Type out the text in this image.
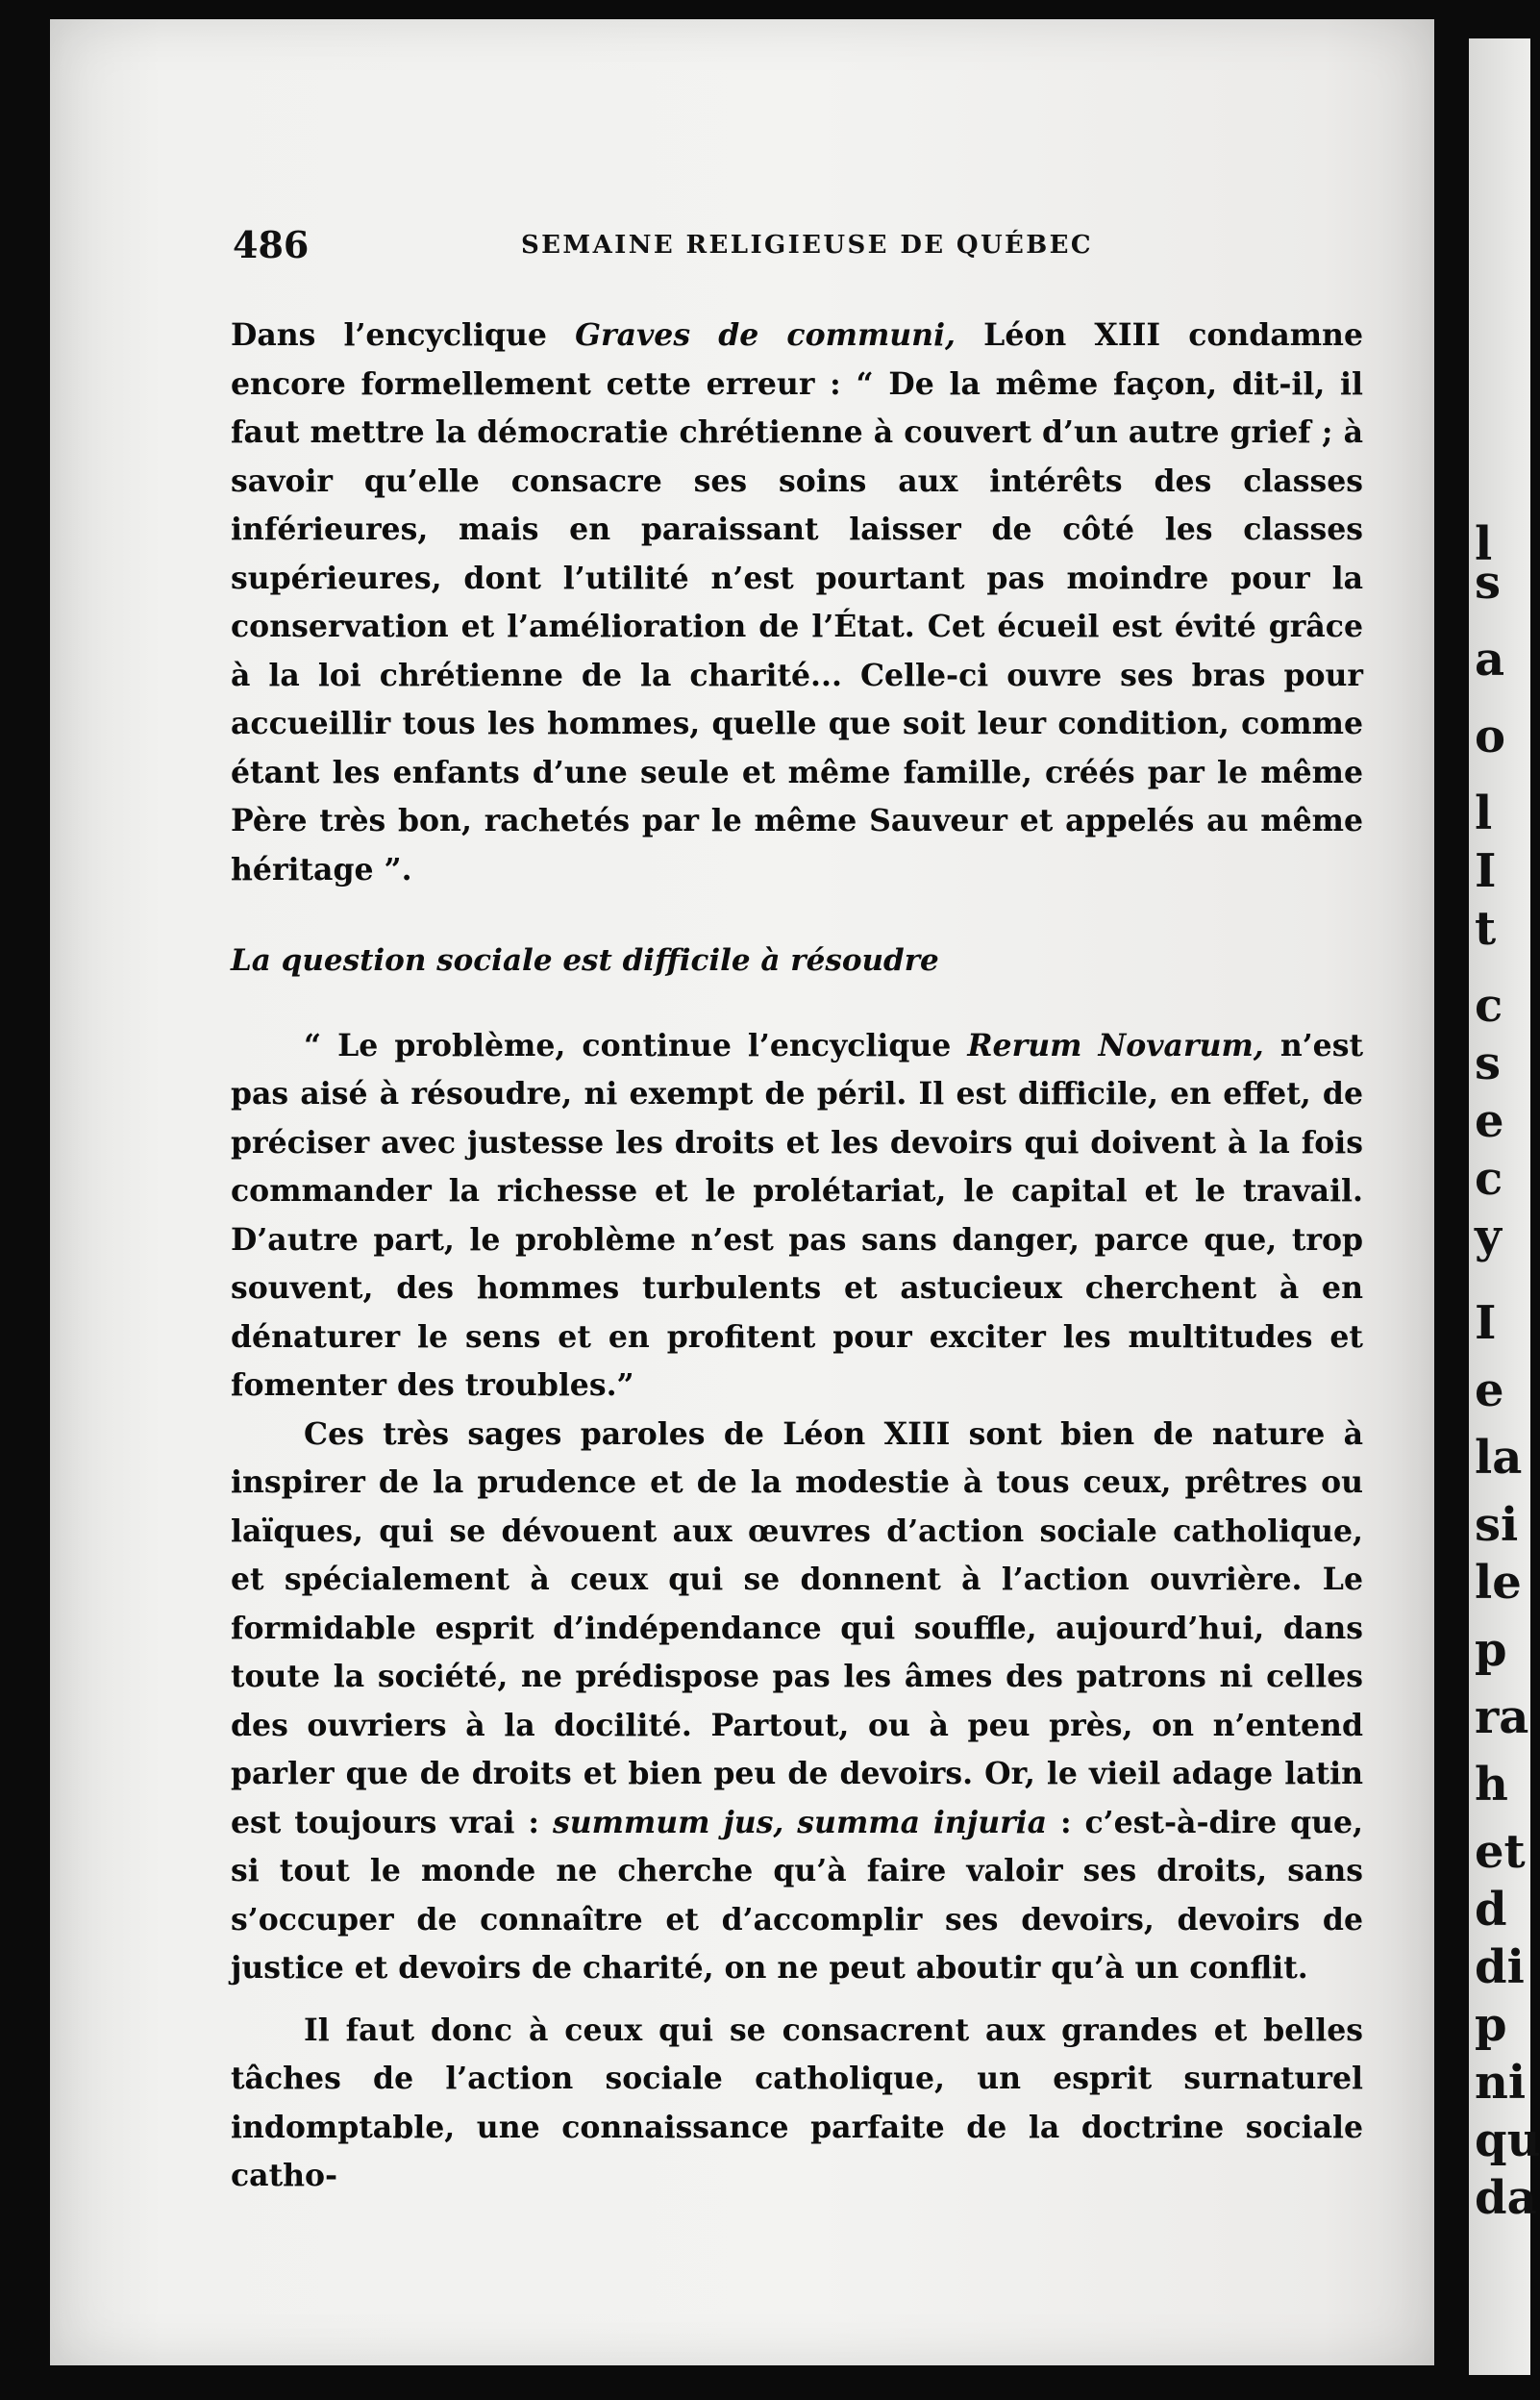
l
s
a
o
l
I
t
c
s
e
c
y
I
e
la
si
le
p
ra
h
et
d
di
p
ni
qu
da
486	SEMAINE RELIGIEUSE DE QUÉBEC

Dans l’encyclique Graves de communi, Léon XIII condamne encore formellement cette erreur : “ De la même façon, dit-il, il faut mettre la démocratie chrétienne à couvert d’un autre grief ; à savoir qu’elle consacre ses soins aux intérêts des classes inférieures, mais en paraissant laisser de côté les classes supérieures, dont l’utilité n’est pourtant pas moindre pour la conservation et l’amélioration de l’État. Cet écueil est évité grâce à la loi chrétienne de la charité... Celle-ci ouvre ses bras pour accueillir tous les hommes, quelle que soit leur condition, comme étant les enfants d’une seule et même famille, créés par le même Père très bon, rachetés par le même Sauveur et appelés au même héritage ”.

La question sociale est difficile à résoudre

“ Le problème, continue l’encyclique Rerum Novarum, n’est pas aisé à résoudre, ni exempt de péril. Il est difficile, en effet, de préciser avec justesse les droits et les devoirs qui doivent à la fois commander la richesse et le prolétariat, le capital et le travail. D’autre part, le problème n’est pas sans danger, parce que, trop souvent, des hommes turbulents et astucieux cherchent à en dénaturer le sens et en profitent pour exciter les multitudes et fomenter des troubles.”

Ces très sages paroles de Léon XIII sont bien de nature à inspirer de la prudence et de la modestie à tous ceux, prêtres ou laïques, qui se dévouent aux œuvres d’action sociale catholique, et spécialement à ceux qui se donnent à l’action ouvrière. Le formidable esprit d’indépendance qui souffle, aujourd’hui, dans toute la société, ne prédispose pas les âmes des patrons ni celles des ouvriers à la docilité. Partout, ou à peu près, on n’entend parler que de droits et bien peu de devoirs. Or, le vieil adage latin est toujours vrai : summum jus, summa injuria : c’est-à-dire que, si tout le monde ne cherche qu’à faire valoir ses droits, sans s’occuper de connaître et d’accomplir ses devoirs, devoirs de justice et devoirs de charité, on ne peut aboutir qu’à un conflit.

Il faut donc à ceux qui se consacrent aux grandes et belles tâches de l’action sociale catholique, un esprit surnaturel indomptable, une connaissance parfaite de la doctrine sociale catho-
